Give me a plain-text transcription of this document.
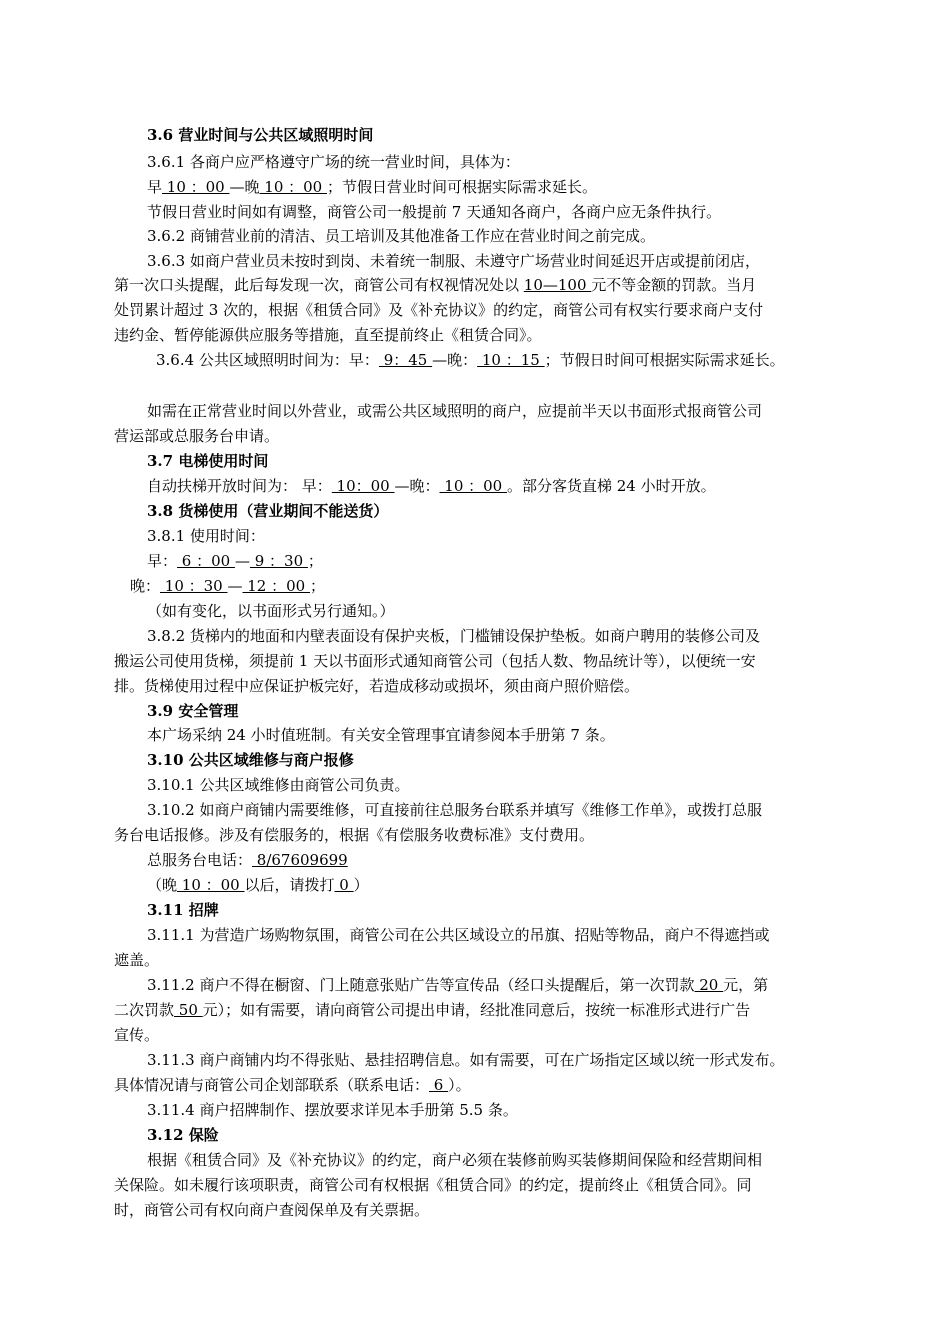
3.6 营业时间与公共区域照明时间
3.6.1 各商户应严格遵守广场的统一营业时间，具体为：
早 10 ：00 —晚 10 ：00 ；节假日营业时间可根据实际需求延长。
节假日营业时间如有调整，商管公司一般提前 7 天通知各商户，各商户应无条件执行。
3.6.2 商铺营业前的清洁、员工培训及其他准备工作应在营业时间之前完成。
3.6.3 如商户营业员未按时到岗、未着统一制服、未遵守广场营业时间延迟开店或提前闭店，
第一次口头提醒，此后每发现一次，商管公司有权视情况处以 10—100 元不等金额的罚款。当月
处罚累计超过 3 次的，根据《租赁合同》及《补充协议》的约定，商管公司有权实行要求商户支付
违约金、暂停能源供应服务等措施，直至提前终止《租赁合同》。
3.6.4 公共区域照明时间为：早： 9：45 —晚： 10 ：15 ；节假日时间可根据实际需求延长。
如需在正常营业时间以外营业，或需公共区域照明的商户，应提前半天以书面形式报商管公司
营运部或总服务台申请。
3.7 电梯使用时间
自动扶梯开放时间为： 早： 10：00 —晚： 10 ：00 。部分客货直梯 24 小时开放。
3.8 货梯使用（营业期间不能送货）
3.8.1 使用时间：
早： 6 ：00 — 9 ：30 ；
晚： 10 ：30 — 12 ：00 ；
（如有变化，以书面形式另行通知。）
3.8.2 货梯内的地面和内壁表面设有保护夹板，门槛铺设保护垫板。如商户聘用的装修公司及
搬运公司使用货梯，须提前 1 天以书面形式通知商管公司（包括人数、物品统计等），以便统一安
排。货梯使用过程中应保证护板完好，若造成移动或损坏，须由商户照价赔偿。
3.9 安全管理
本广场采纳 24 小时值班制。有关安全管理事宜请参阅本手册第 7 条。
3.10 公共区域维修与商户报修
3.10.1 公共区域维修由商管公司负责。
3.10.2 如商户商铺内需要维修，可直接前往总服务台联系并填写《维修工作单》，或拨打总服
务台电话报修。涉及有偿服务的，根据《有偿服务收费标准》支付费用。
总服务台电话： 8/67609699
（晚 10 ：00 以后，请拨打 0 ）
3.11 招牌
3.11.1 为营造广场购物氛围，商管公司在公共区域设立的吊旗、招贴等物品，商户不得遮挡或
遮盖。
3.11.2 商户不得在橱窗、门上随意张贴广告等宣传品（经口头提醒后，第一次罚款 20 元，第
二次罚款 50 元）；如有需要，请向商管公司提出申请，经批准同意后，按统一标准形式进行广告
宣传。
3.11.3 商户商铺内均不得张贴、悬挂招聘信息。如有需要，可在广场指定区域以统一形式发布。
具体情况请与商管公司企划部联系（联系电话： 6 ）。
3.11.4 商户招牌制作、摆放要求详见本手册第 5.5 条。
3.12 保险
根据《租赁合同》及《补充协议》的约定，商户必须在装修前购买装修期间保险和经营期间相
关保险。如未履行该项职责，商管公司有权根据《租赁合同》的约定，提前终止《租赁合同》。同
时，商管公司有权向商户查阅保单及有关票据。
